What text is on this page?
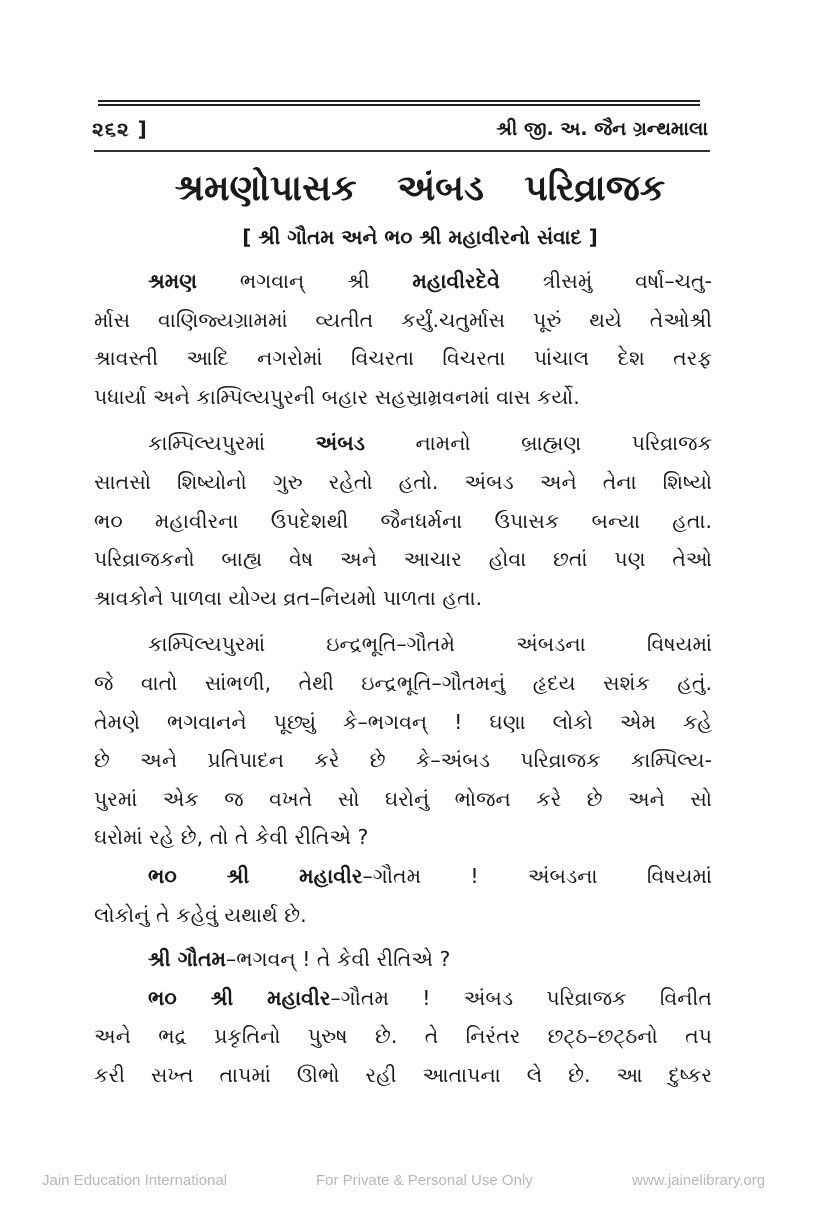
૨૬૨ ]	શ્રી જી. અ. જૈન ગ્રન્થમાલા
શ્રમણોપાસક અંબડ પરિવ્રાજક
[ શ્રી ગૌતમ અને ભ૦ શ્રી મહાવીરનો સંવાદ ]
શ્રમણ ભગવાન્ શ્રી મહાવીરદેવે ત્રીસમું વર્ષા–ચતુ-
ર્માસ વાણિજ્યગ્રામમાં વ્યતીત કર્યું.ચતુર્માસ પૂરું થયે તેઓશ્રી
શ્રાવસ્તી આદિ નગરોમાં વિચરતા વિચરતા પાંચાલ દેશ તરફ
પધાર્યા અને કામ્પિલ્યપુરની બહાર સહસ્રામ્રવનમાં વાસ કર્યો.
કામ્પિલ્યપુરમાં અંબડ નામનો બ્રાહ્મણ પરિવ્રાજક
સાતસો શિષ્યોનો ગુરુ રહેતો હતો. અંબડ અને તેના શિષ્યો
ભ૦ મહાવીરના ઉપદેશથી જૈનધર્મના ઉપાસક બન્યા હતા.
પરિવ્રાજકનો બાહ્ય વેષ અને આચાર હોવા છતાં પણ તેઓ
શ્રાવકોને પાળવા યોગ્ય વ્રત–નિયમો પાળતા હતા.
કામ્પિલ્યપુરમાં ઇન્દ્રભૂતિ–ગૌતમે અંબડના વિષયમાં
જે વાતો સાંભળી, તેથી ઇન્દ્રભૂતિ–ગૌતમનું હૃદય સશંક હતું.
તેમણે ભગવાનને પૂછ્યું કે–ભગવન્ ! ઘણા લોકો એમ કહે
છે અને પ્રતિપાદન કરે છે કે–અંબડ પરિવ્રાજક કામ્પિલ્ય-
પુરમાં એક જ વખતે સો ઘરોનું ભોજન કરે છે અને સો
ઘરોમાં રહે છે, તો તે કેવી રીતિએ ?
ભ૦ શ્રી મહાવીર–ગૌતમ ! અંબડના વિષયમાં
લોકોનું તે કહેવું યથાર્થ છે.
શ્રી ગૌતમ–ભગવન્ ! તે કેવી રીતિએ ?
ભ૦ શ્રી મહાવીર–ગૌતમ ! અંબડ પરિવ્રાજક વિનીત
અને ભદ્ર પ્રકૃતિનો પુરુષ છે. તે નિરંતર છટ્ઠ–છટ્ઠનો તપ
કરી સખ્ત તાપમાં ઊભો રહી આતાપના લે છે. આ દુષ્કર
Jain Education International	For Private & Personal Use Only	www.jainelibrary.org
